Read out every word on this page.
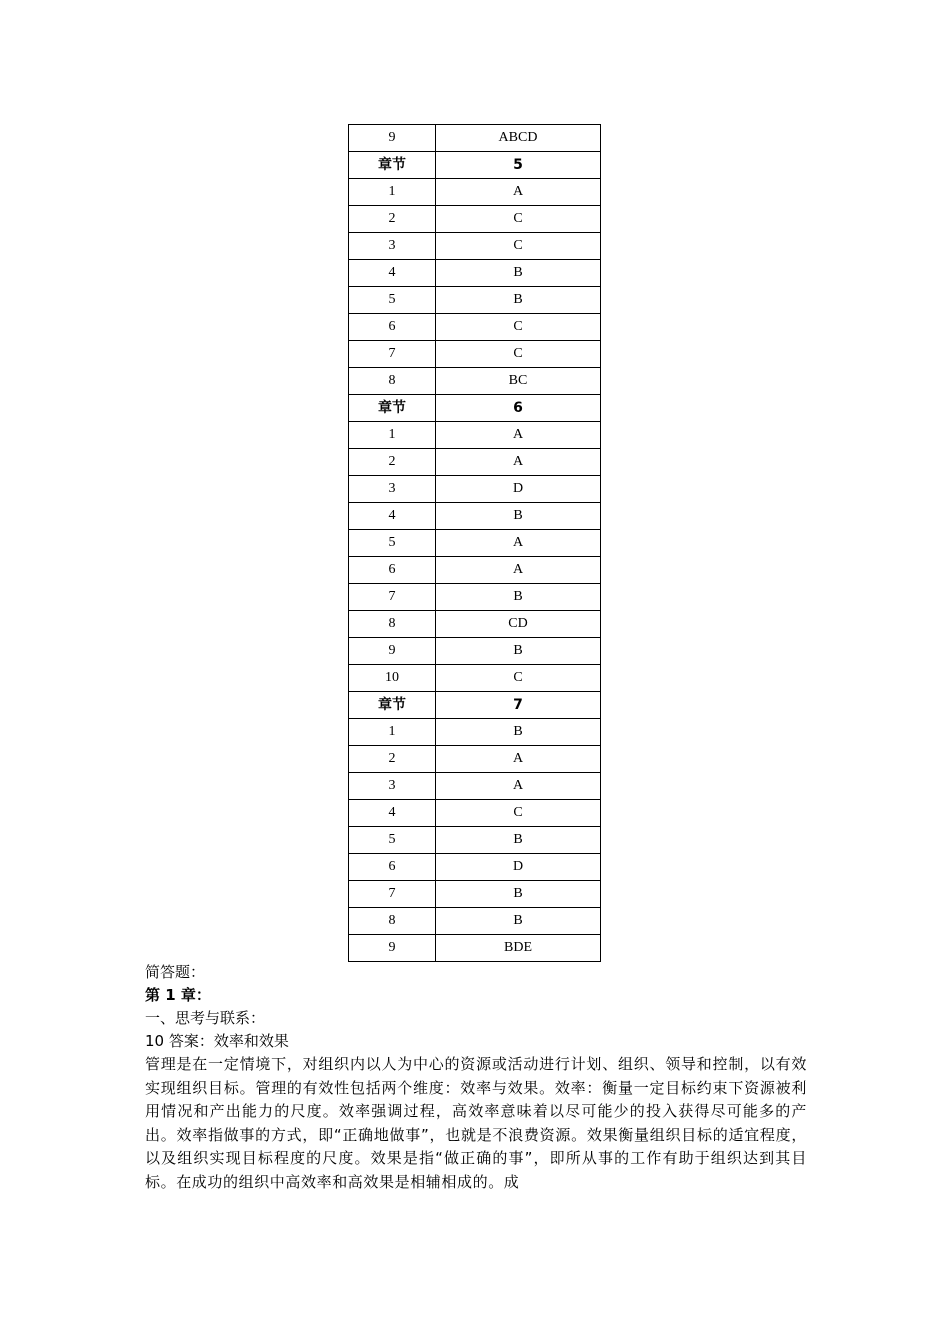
9	ABCD
章节	5
1	A
2	C
3	C
4	B
5	B
6	C
7	C
8	BC
章节	6
1	A
2	A
3	D
4	B
5	A
6	A
7	B
8	CD
9	B
10	C
章节	7
1	B
2	A
3	A
4	C
5	B
6	D
7	B
8	B
9	BDE

简答题：

第 1 章：

一、思考与联系：

10 答案：效率和效果

管理是在一定情境下，对组织内以人为中心的资源或活动进行计划、组织、领导和控制，以有效实现组织目标。管理的有效性包括两个维度：效率与效果。效率：衡量一定目标约束下资源被利用情况和产出能力的尺度。效率强调过程，高效率意味着以尽可能少的投入获得尽可能多的产出。效率指做事的方式，即“正确地做事”，也就是不浪费资源。效果衡量组织目标的适宜程度，以及组织实现目标程度的尺度。效果是指“做正确的事”，即所从事的工作有助于组织达到其目标。在成功的组织中高效率和高效果是相辅相成的。成
